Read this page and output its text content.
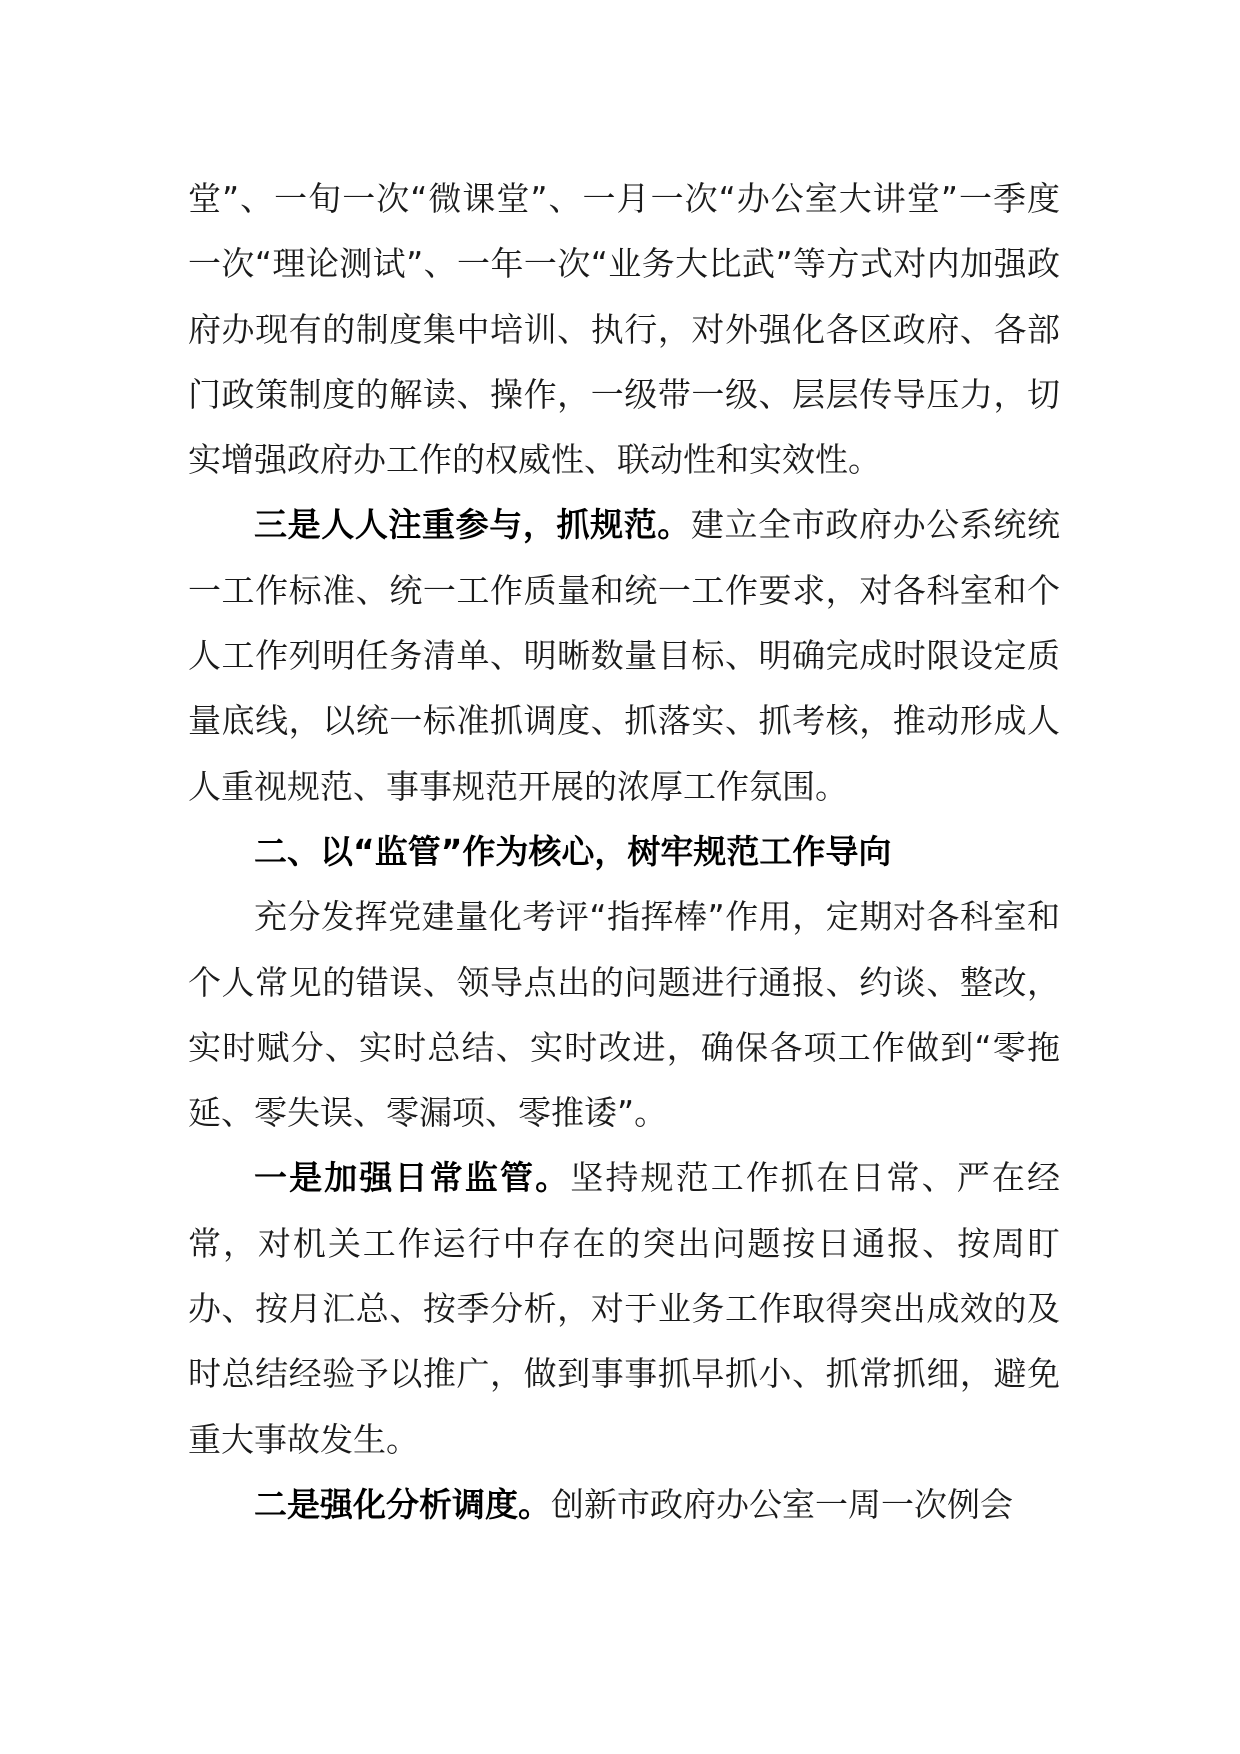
堂”、一旬一次“微课堂”、一月一次“办公室大讲堂”一季度一次“理论测试”、一年一次“业务大比武”等方式对内加强政府办现有的制度集中培训、执行，对外强化各区政府、各部门政策制度的解读、操作，一级带一级、层层传导压力，切实增强政府办工作的权威性、联动性和实效性。

三是人人注重参与，抓规范。建立全市政府办公系统统一工作标准、统一工作质量和统一工作要求，对各科室和个人工作列明任务清单、明晰数量目标、明确完成时限设定质量底线，以统一标准抓调度、抓落实、抓考核，推动形成人人重视规范、事事规范开展的浓厚工作氛围。

二、以“监管”作为核心，树牢规范工作导向

充分发挥党建量化考评“指挥棒”作用，定期对各科室和个人常见的错误、领导点出的问题进行通报、约谈、整改，实时赋分、实时总结、实时改进，确保各项工作做到“零拖延、零失误、零漏项、零推诿”。

一是加强日常监管。坚持规范工作抓在日常、严在经常，对机关工作运行中存在的突出问题按日通报、按周盯办、按月汇总、按季分析，对于业务工作取得突出成效的及时总结经验予以推广，做到事事抓早抓小、抓常抓细，避免重大事故发生。

二是强化分析调度。创新市政府办公室一周一次例会
